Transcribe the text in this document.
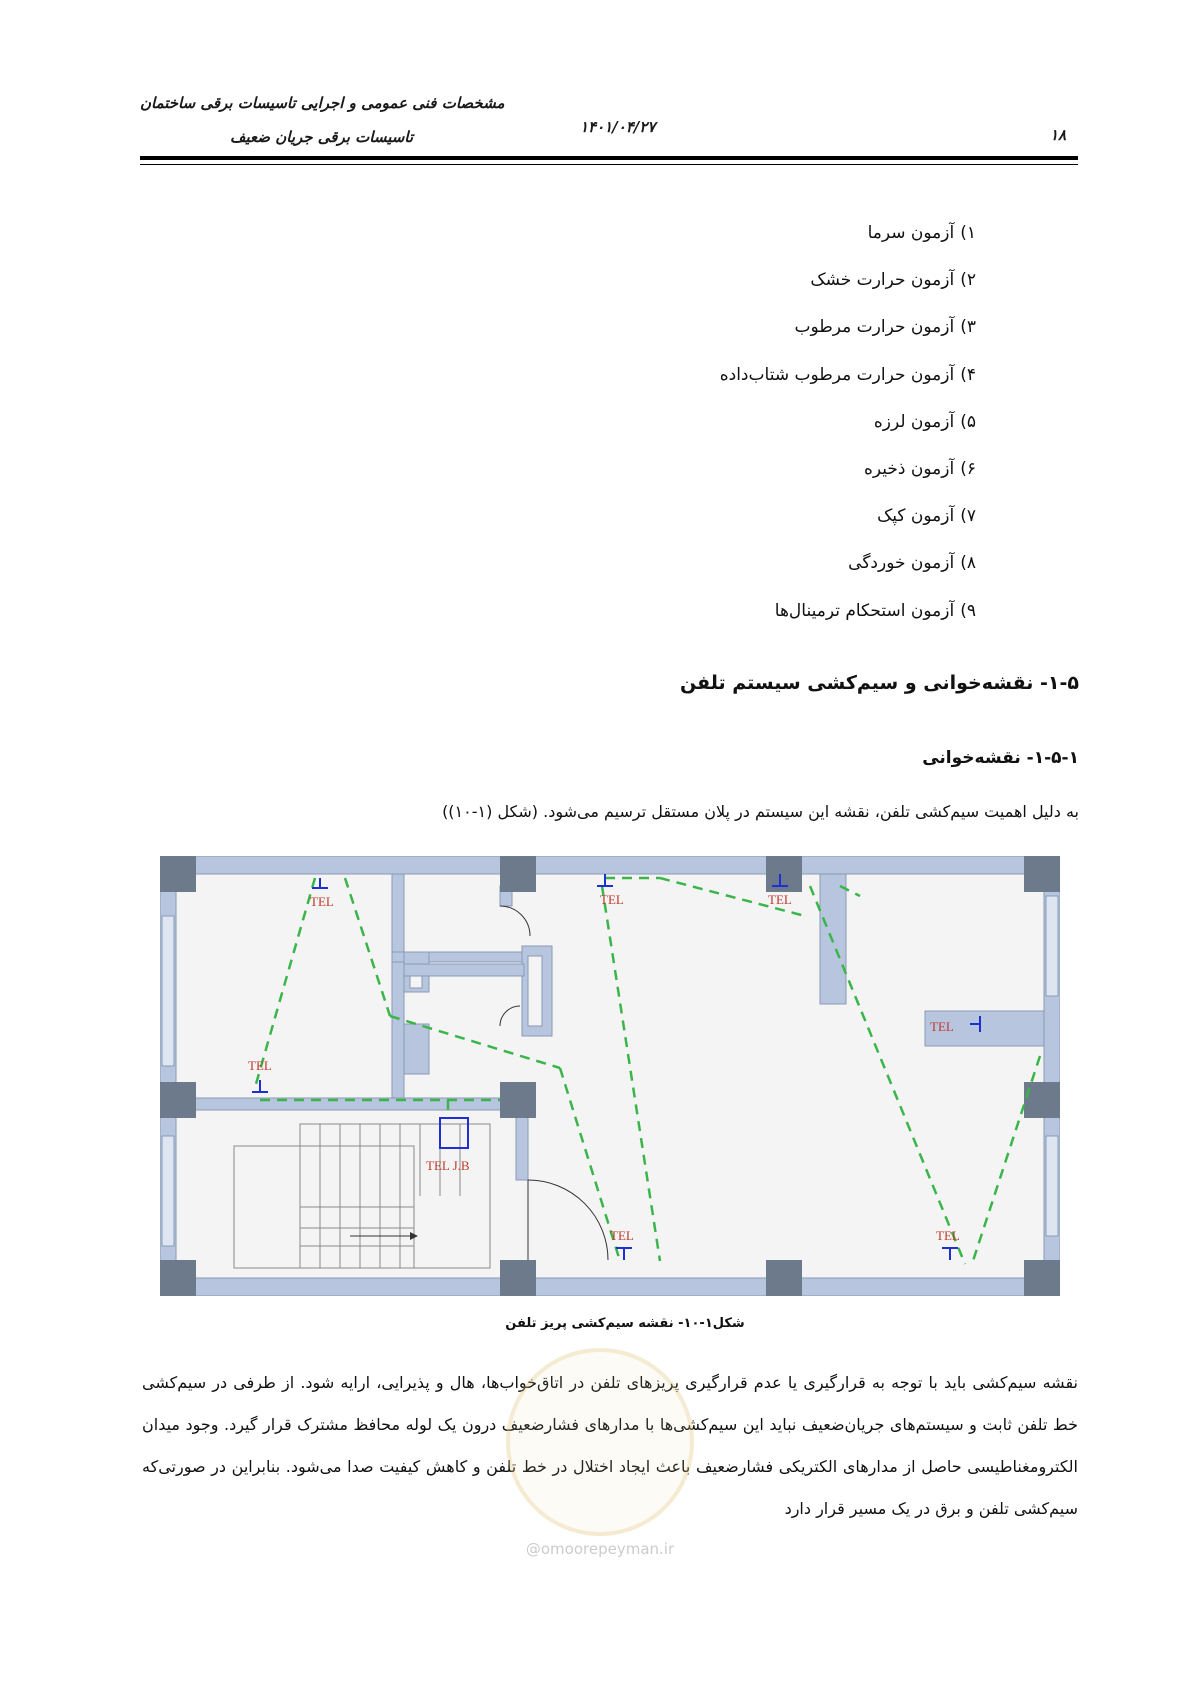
مشخصات فنی عمومی و اجرایی تاسیسات برقی ساختمان
۱۴۰۱/۰۴/۲۷
تاسیسات برقی جریان ضعیف	۱۸
۱)آزمون سرما
۲)آزمون حرارت خشک
۳)آزمون حرارت مرطوب
۴)آزمون حرارت مرطوب شتاب‌داده
۵)آزمون لرزه
۶)آزمون ذخیره
۷)آزمون کپک
۸)آزمون خوردگی
۹)آزمون استحکام ترمینال‌ها
۱-۵- نقشه‌خوانی و سیم‌کشی سیستم تلفن
۱-۵-۱- نقشه‌خوانی
به دلیل اهمیت سیم‌کشی تلفن، نقشه این سیستم در پلان مستقل ترسیم می‌شود. (شکل (۱-۱۰))
TEL	TEL	TEL
TEL
TEL
TEL	TEL
TEL J.B
شکل۱-۱۰- نقشه سیم‌کشی پریز تلفن
نقشه سیم‌کشی باید با توجه به قرارگیری یا عدم قرارگیری پریزهای تلفن در اتاق‌خواب‌ها، هال و پذیرایی، ارایه شود. از طرفی در سیم‌کشی خط تلفن ثابت و سیستم‌های جریان‌ضعیف نباید این سیم‌کشی‌ها با مدارهای فشارضعیف درون یک لوله محافظ مشترک قرار گیرد. وجود میدان الکترومغناطیسی حاصل از مدارهای الکتریکی فشارضعیف باعث ایجاد اختلال در خط تلفن و کاهش کیفیت صدا می‌شود. بنابراین در صورتی‌که سیم‌کشی تلفن و برق در یک مسیر قرار دارد
@omoorepeyman.ir
